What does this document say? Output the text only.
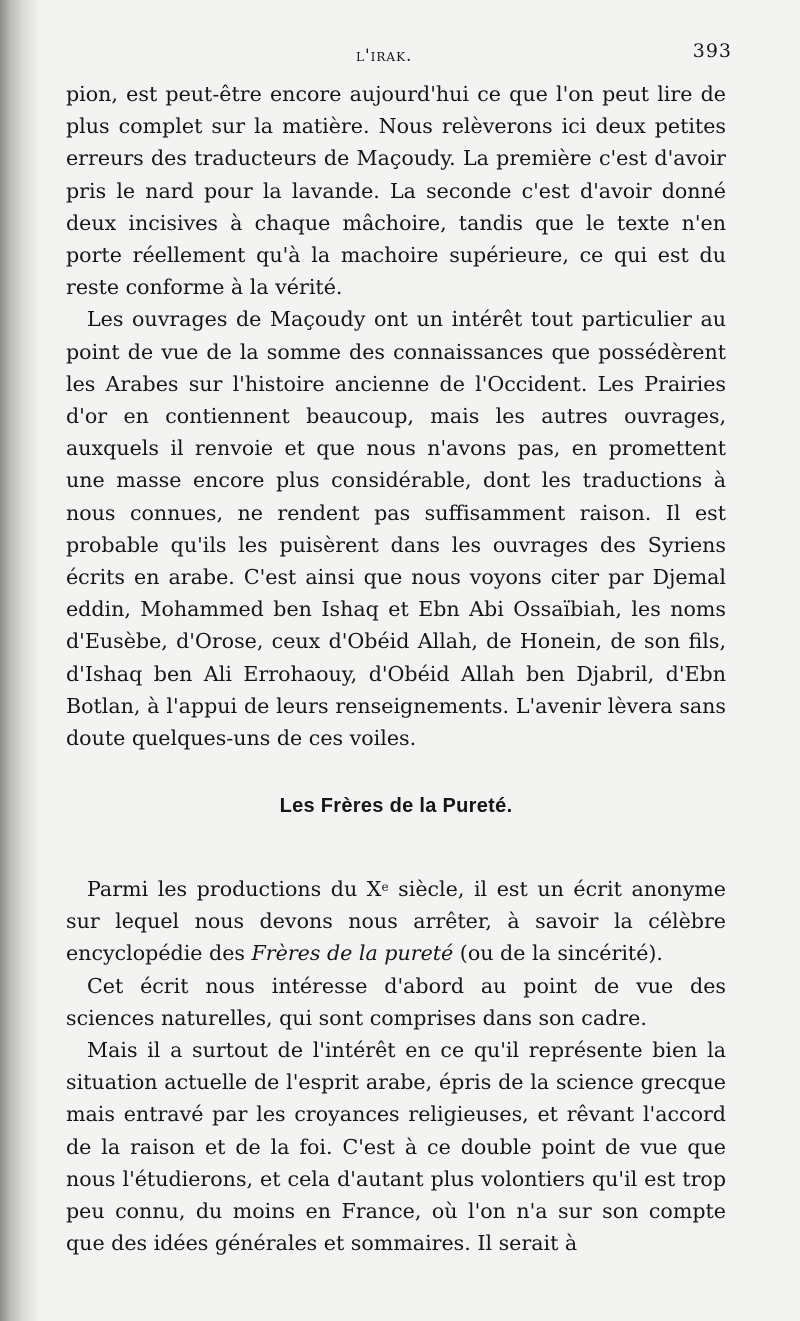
l'irak.	393

pion, est peut-être encore aujourd'hui ce que l'on peut lire de plus complet sur la matière. Nous relèverons ici deux petites erreurs des traducteurs de Maçoudy. La première c'est d'avoir pris le nard pour la lavande. La seconde c'est d'avoir donné deux incisives à chaque mâchoire, tandis que le texte n'en porte réellement qu'à la machoire supérieure, ce qui est du reste conforme à la vérité.

Les ouvrages de Maçoudy ont un intérêt tout particulier au point de vue de la somme des connaissances que possédèrent les Arabes sur l'histoire ancienne de l'Occident. Les Prairies d'or en contiennent beaucoup, mais les autres ouvrages, auxquels il renvoie et que nous n'avons pas, en promettent une masse encore plus considérable, dont les traductions à nous connues, ne rendent pas suffisamment raison. Il est probable qu'ils les puisèrent dans les ouvrages des Syriens écrits en arabe. C'est ainsi que nous voyons citer par Djemal eddin, Mohammed ben Ishaq et Ebn Abi Ossaïbiah, les noms d'Eusèbe, d'Orose, ceux d'Obéid Allah, de Honein, de son fils, d'Ishaq ben Ali Errohaouy, d'Obéid Allah ben Djabril, d'Ebn Botlan, à l'appui de leurs renseignements. L'avenir lèvera sans doute quelques-uns de ces voiles.

Les Frères de la Pureté.

Parmi les productions du Xe siècle, il est un écrit anonyme sur lequel nous devons nous arrêter, à savoir la célèbre encyclopédie des Frères de la pureté (ou de la sincérité).

Cet écrit nous intéresse d'abord au point de vue des sciences naturelles, qui sont comprises dans son cadre.

Mais il a surtout de l'intérêt en ce qu'il représente bien la situation actuelle de l'esprit arabe, épris de la science grecque mais entravé par les croyances religieuses, et rêvant l'accord de la raison et de la foi. C'est à ce double point de vue que nous l'étudierons, et cela d'autant plus volontiers qu'il est trop peu connu, du moins en France, où l'on n'a sur son compte que des idées générales et sommaires. Il serait à
